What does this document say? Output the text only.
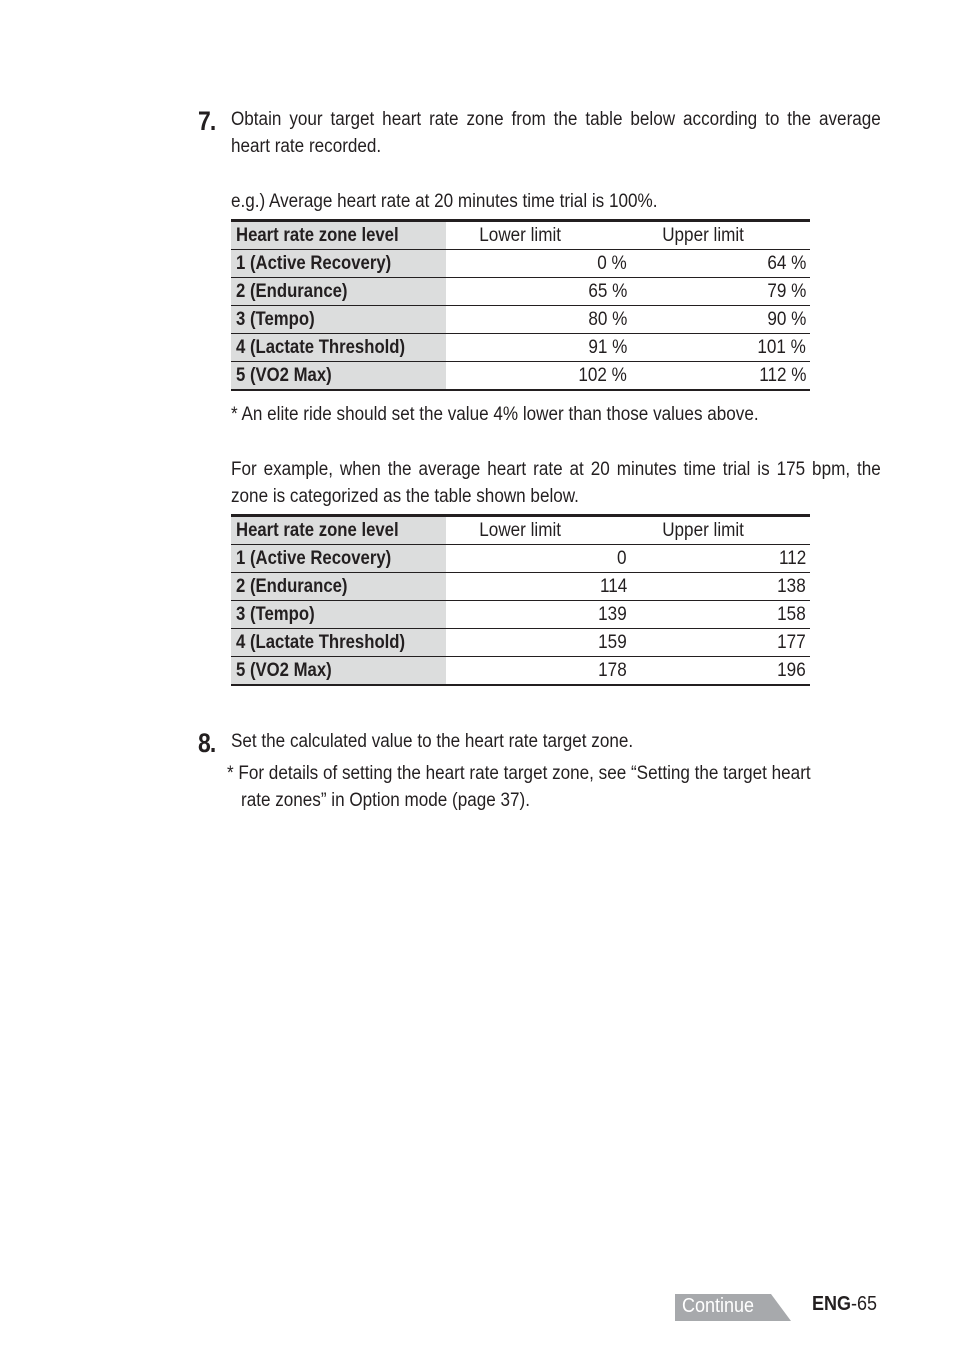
7. Obtain your target heart rate zone from the table below according to the average heart rate recorded.

e.g.) Average heart rate at 20 minutes time trial is 100%.

Heart rate zone level	Lower limit	Upper limit
1 (Active Recovery)	0 %	64 %
2 (Endurance)	65 %	79 %
3 (Tempo)	80 %	90 %
4 (Lactate Threshold)	91 %	101 %
5 (VO2 Max)	102 %	112 %

* An elite ride should set the value 4% lower than those values above.

For example, when the average heart rate at 20 minutes time trial is 175 bpm, the zone is categorized as the table shown below.

Heart rate zone level	Lower limit	Upper limit
1 (Active Recovery)	0	112
2 (Endurance)	114	138
3 (Tempo)	139	158
4 (Lactate Threshold)	159	177
5 (VO2 Max)	178	196
8. Set the calculated value to the heart rate target zone.

* For details of setting the heart rate target zone, see “Setting the target heart

rate zones” in Option mode (page 37).

Continue	ENG-65
